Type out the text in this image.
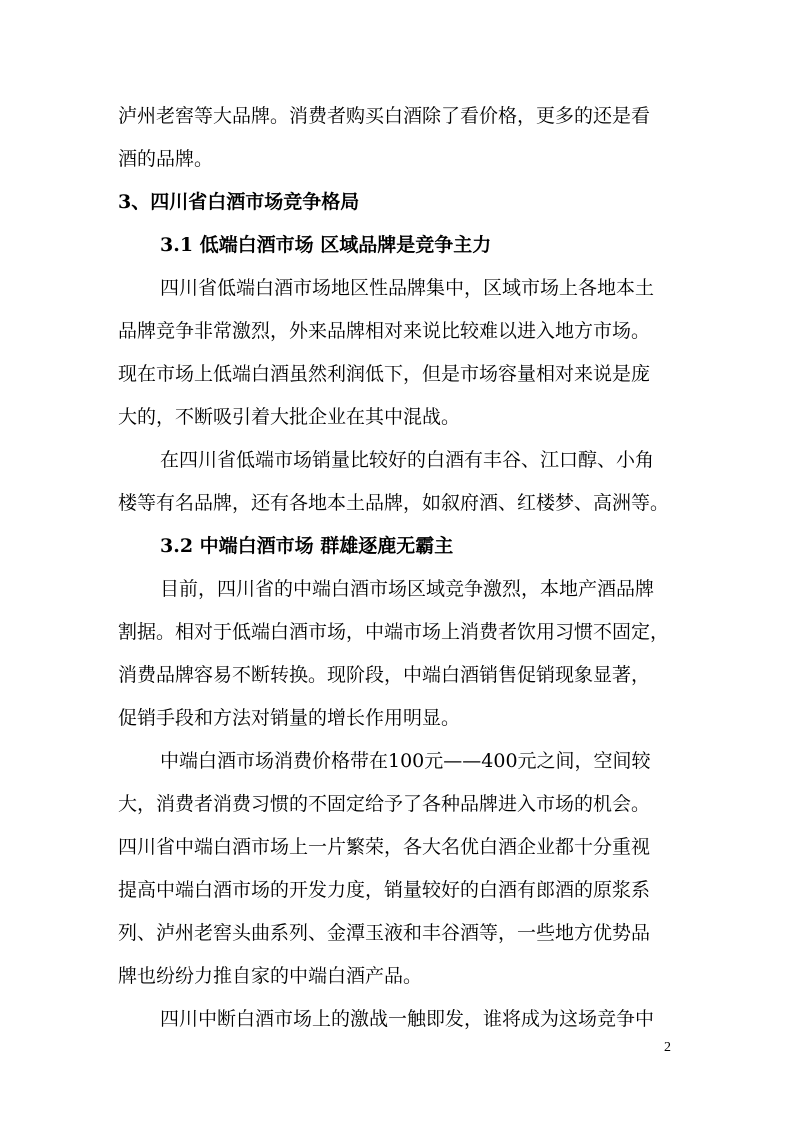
泸州老窖等大品牌。消费者购买白酒除了看价格，更多的还是看
酒的品牌。
3、四川省白酒市场竞争格局
3.1 低端白酒市场 区域品牌是竞争主力
四川省低端白酒市场地区性品牌集中，区域市场上各地本土
品牌竞争非常激烈，外来品牌相对来说比较难以进入地方市场。
现在市场上低端白酒虽然利润低下，但是市场容量相对来说是庞
大的，不断吸引着大批企业在其中混战。
在四川省低端市场销量比较好的白酒有丰谷、江口醇、小角
楼等有名品牌，还有各地本土品牌，如叙府酒、红楼梦、高洲等。
3.2 中端白酒市场 群雄逐鹿无霸主
目前，四川省的中端白酒市场区域竞争激烈，本地产酒品牌
割据。相对于低端白酒市场，中端市场上消费者饮用习惯不固定，
消费品牌容易不断转换。现阶段，中端白酒销售促销现象显著，
促销手段和方法对销量的增长作用明显。
中端白酒市场消费价格带在100元——400元之间，空间较
大，消费者消费习惯的不固定给予了各种品牌进入市场的机会。
四川省中端白酒市场上一片繁荣，各大名优白酒企业都十分重视
提高中端白酒市场的开发力度，销量较好的白酒有郎酒的原浆系
列、泸州老窖头曲系列、金潭玉液和丰谷酒等，一些地方优势品
牌也纷纷力推自家的中端白酒产品。
四川中断白酒市场上的激战一触即发，谁将成为这场竞争中
2
